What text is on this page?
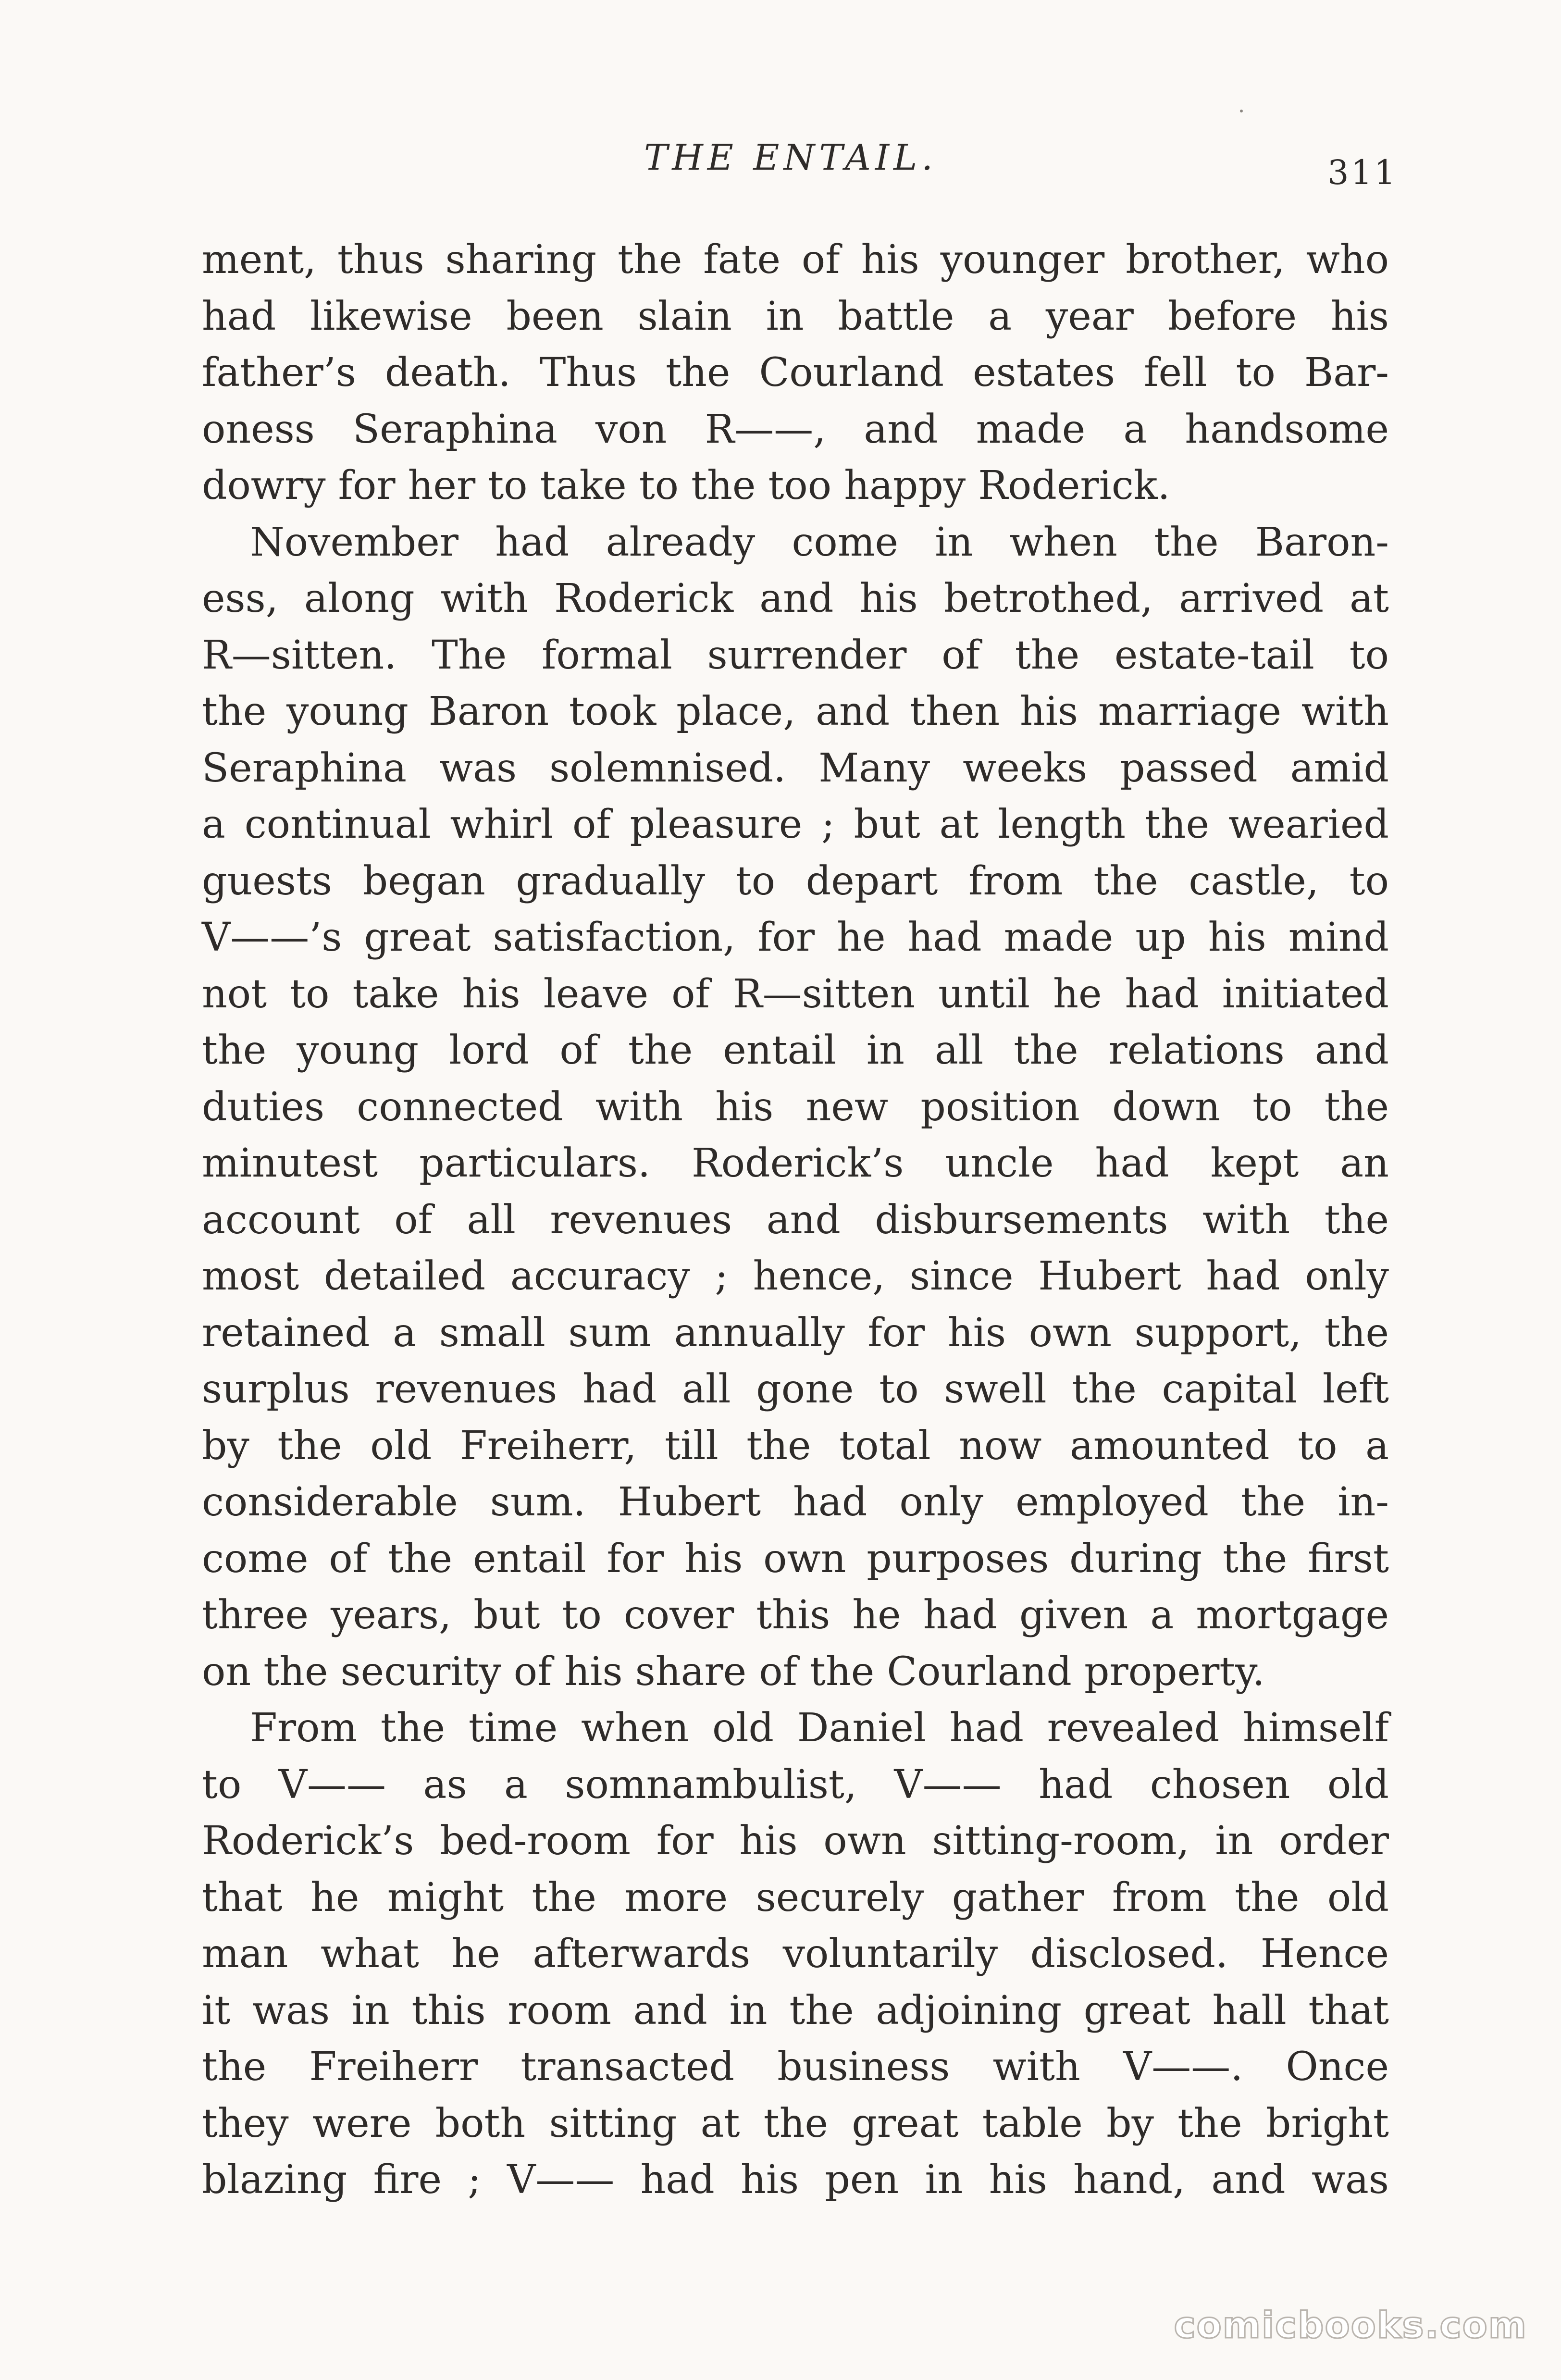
THE ENTAIL.	311
ment, thus sharing the fate of his younger brother, who
had likewise been slain in battle a year before his
father’s death. Thus the Courland estates fell to Bar-
oness Seraphina von R——, and made a handsome
dowry for her to take to the too happy Roderick.
November had already come in when the Baron-
ess, along with Roderick and his betrothed, arrived at
R—sitten. The formal surrender of the estate-tail to
the young Baron took place, and then his marriage with
Seraphina was solemnised. Many weeks passed amid
a continual whirl of pleasure ; but at length the wearied
guests began gradually to depart from the castle, to
V——’s great satisfaction, for he had made up his mind
not to take his leave of R—sitten until he had initiated
the young lord of the entail in all the relations and
duties connected with his new position down to the
minutest particulars. Roderick’s uncle had kept an
account of all revenues and disbursements with the
most detailed accuracy ; hence, since Hubert had only
retained a small sum annually for his own support, the
surplus revenues had all gone to swell the capital left
by the old Freiherr, till the total now amounted to a
considerable sum. Hubert had only employed the in-
come of the entail for his own purposes during the first
three years, but to cover this he had given a mortgage
on the security of his share of the Courland property.
From the time when old Daniel had revealed himself
to V—— as a somnambulist, V—— had chosen old
Roderick’s bed-room for his own sitting-room, in order
that he might the more securely gather from the old
man what he afterwards voluntarily disclosed. Hence
it was in this room and in the adjoining great hall that
the Freiherr transacted business with V——. Once
they were both sitting at the great table by the bright
blazing fire ; V—— had his pen in his hand, and was
comicbooks.com
